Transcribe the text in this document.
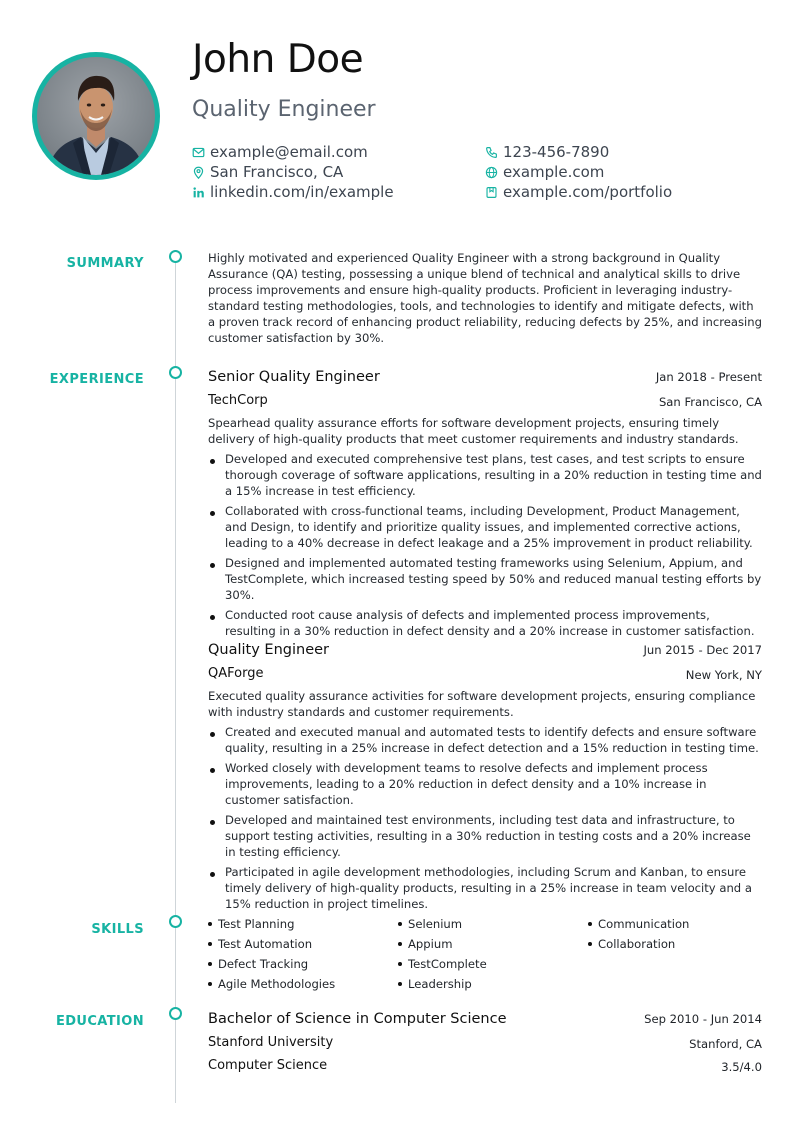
John Doe
Quality Engineer
example@email.com	123-456-7890
San Francisco, CA	example.com
linkedin.com/in/example	example.com/portfolio
SUMMARY	Highly motivated and experienced Quality Engineer with a strong background in Quality Assurance (QA) testing, possessing a unique blend of technical and analytical skills to drive process improvements and ensure high-quality products. Proficient in leveraging industry-standard testing methodologies, tools, and technologies to identify and mitigate defects, with a proven track record of enhancing product reliability, reducing defects by 25%, and increasing customer satisfaction by 30%.
EXPERIENCE	Senior Quality Engineer	Jan 2018 - Present
TechCorp	San Francisco, CA
Spearhead quality assurance efforts for software development projects, ensuring timely delivery of high-quality products that meet customer requirements and industry standards.
Developed and executed comprehensive test plans, test cases, and test scripts to ensure thorough coverage of software applications, resulting in a 20% reduction in testing time and a 15% increase in test efficiency.
Collaborated with cross-functional teams, including Development, Product Management, and Design, to identify and prioritize quality issues, and implemented corrective actions, leading to a 40% decrease in defect leakage and a 25% improvement in product reliability.
Designed and implemented automated testing frameworks using Selenium, Appium, and TestComplete, which increased testing speed by 50% and reduced manual testing efforts by 30%.
Conducted root cause analysis of defects and implemented process improvements, resulting in a 30% reduction in defect density and a 20% increase in customer satisfaction.
Quality Engineer	Jun 2015 - Dec 2017
QAForge	New York, NY
Executed quality assurance activities for software development projects, ensuring compliance with industry standards and customer requirements.
Created and executed manual and automated tests to identify defects and ensure software quality, resulting in a 25% increase in defect detection and a 15% reduction in testing time.
Worked closely with development teams to resolve defects and implement process improvements, leading to a 20% reduction in defect density and a 10% increase in customer satisfaction.
Developed and maintained test environments, including test data and infrastructure, to support testing activities, resulting in a 30% reduction in testing costs and a 20% increase in testing efficiency.
Participated in agile development methodologies, including Scrum and Kanban, to ensure timely delivery of high-quality products, resulting in a 25% increase in team velocity and a 15% reduction in project timelines.
SKILLS	Test Planning
Test Automation
Defect Tracking
Agile Methodologies
Selenium
Appium
TestComplete
Leadership
Communication
Collaboration
EDUCATION	Bachelor of Science in Computer Science	Sep 2010 - Jun 2014
Stanford University	Stanford, CA
Computer Science	3.5/4.0
